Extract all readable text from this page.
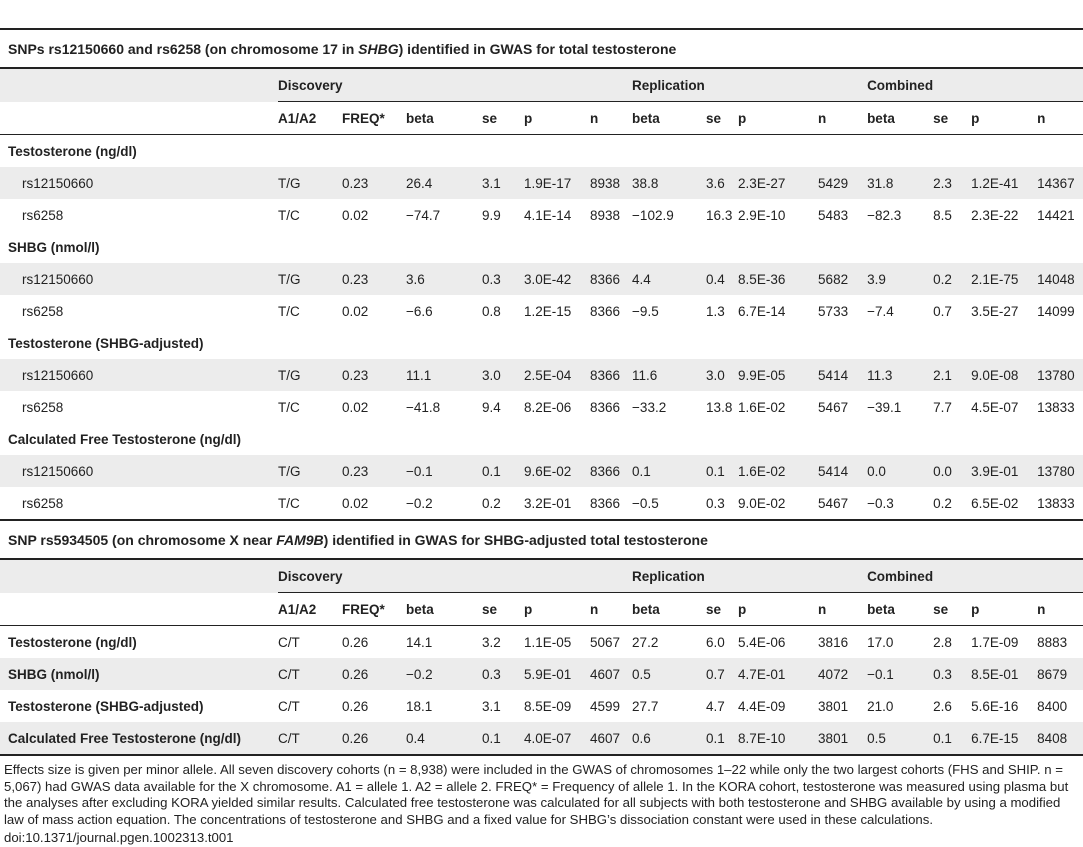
SNPs rs12150660 and rs6258 (on chromosome 17 in SHBG) identified in GWAS for total testosterone
	Discovery						Replication				Combined			
	A1/A2	FREQ*	beta	se	p	n	beta	se	p	n	beta	se	p	n
Testosterone (ng/dl)														
rs12150660	T/G	0.23	26.4	3.1	1.9E-17	8938	38.8	3.6	2.3E-27	5429	31.8	2.3	1.2E-41	14367
rs6258	T/C	0.02	−74.7	9.9	4.1E-14	8938	−102.9	16.3	2.9E-10	5483	−82.3	8.5	2.3E-22	14421
SHBG (nmol/l)														
rs12150660	T/G	0.23	3.6	0.3	3.0E-42	8366	4.4	0.4	8.5E-36	5682	3.9	0.2	2.1E-75	14048
rs6258	T/C	0.02	−6.6	0.8	1.2E-15	8366	−9.5	1.3	6.7E-14	5733	−7.4	0.7	3.5E-27	14099
Testosterone (SHBG-adjusted)														
rs12150660	T/G	0.23	11.1	3.0	2.5E-04	8366	11.6	3.0	9.9E-05	5414	11.3	2.1	9.0E-08	13780
rs6258	T/C	0.02	−41.8	9.4	8.2E-06	8366	−33.2	13.8	1.6E-02	5467	−39.1	7.7	4.5E-07	13833
Calculated Free Testosterone (ng/dl)														
rs12150660	T/G	0.23	−0.1	0.1	9.6E-02	8366	0.1	0.1	1.6E-02	5414	0.0	0.0	3.9E-01	13780
rs6258	T/C	0.02	−0.2	0.2	3.2E-01	8366	−0.5	0.3	9.0E-02	5467	−0.3	0.2	6.5E-02	13833
SNP rs5934505 (on chromosome X near FAM9B) identified in GWAS for SHBG-adjusted total testosterone
	Discovery						Replication				Combined			
	A1/A2	FREQ*	beta	se	p	n	beta	se	p	n	beta	se	p	n
Testosterone (ng/dl)	C/T	0.26	14.1	3.2	1.1E-05	5067	27.2	6.0	5.4E-06	3816	17.0	2.8	1.7E-09	8883
SHBG (nmol/l)	C/T	0.26	−0.2	0.3	5.9E-01	4607	0.5	0.7	4.7E-01	4072	−0.1	0.3	8.5E-01	8679
Testosterone (SHBG-adjusted)	C/T	0.26	18.1	3.1	8.5E-09	4599	27.7	4.7	4.4E-09	3801	21.0	2.6	5.6E-16	8400
Calculated Free Testosterone (ng/dl)	C/T	0.26	0.4	0.1	4.0E-07	4607	0.6	0.1	8.7E-10	3801	0.5	0.1	6.7E-15	8408
Effects size is given per minor allele. All seven discovery cohorts (n = 8,938) were included in the GWAS of chromosomes 1–22 while only the two largest cohorts (FHS and SHIP. n = 5,067) had GWAS data available for the X chromosome. A1 = allele 1. A2 = allele 2. FREQ* = Frequency of allele 1. In the KORA cohort, testosterone was measured using plasma but the analyses after excluding KORA yielded similar results. Calculated free testosterone was calculated for all subjects with both testosterone and SHBG available by using a modified law of mass action equation. The concentrations of testosterone and SHBG and a fixed value for SHBG’s dissociation constant were used in these calculations.
doi:10.1371/journal.pgen.1002313.t001
